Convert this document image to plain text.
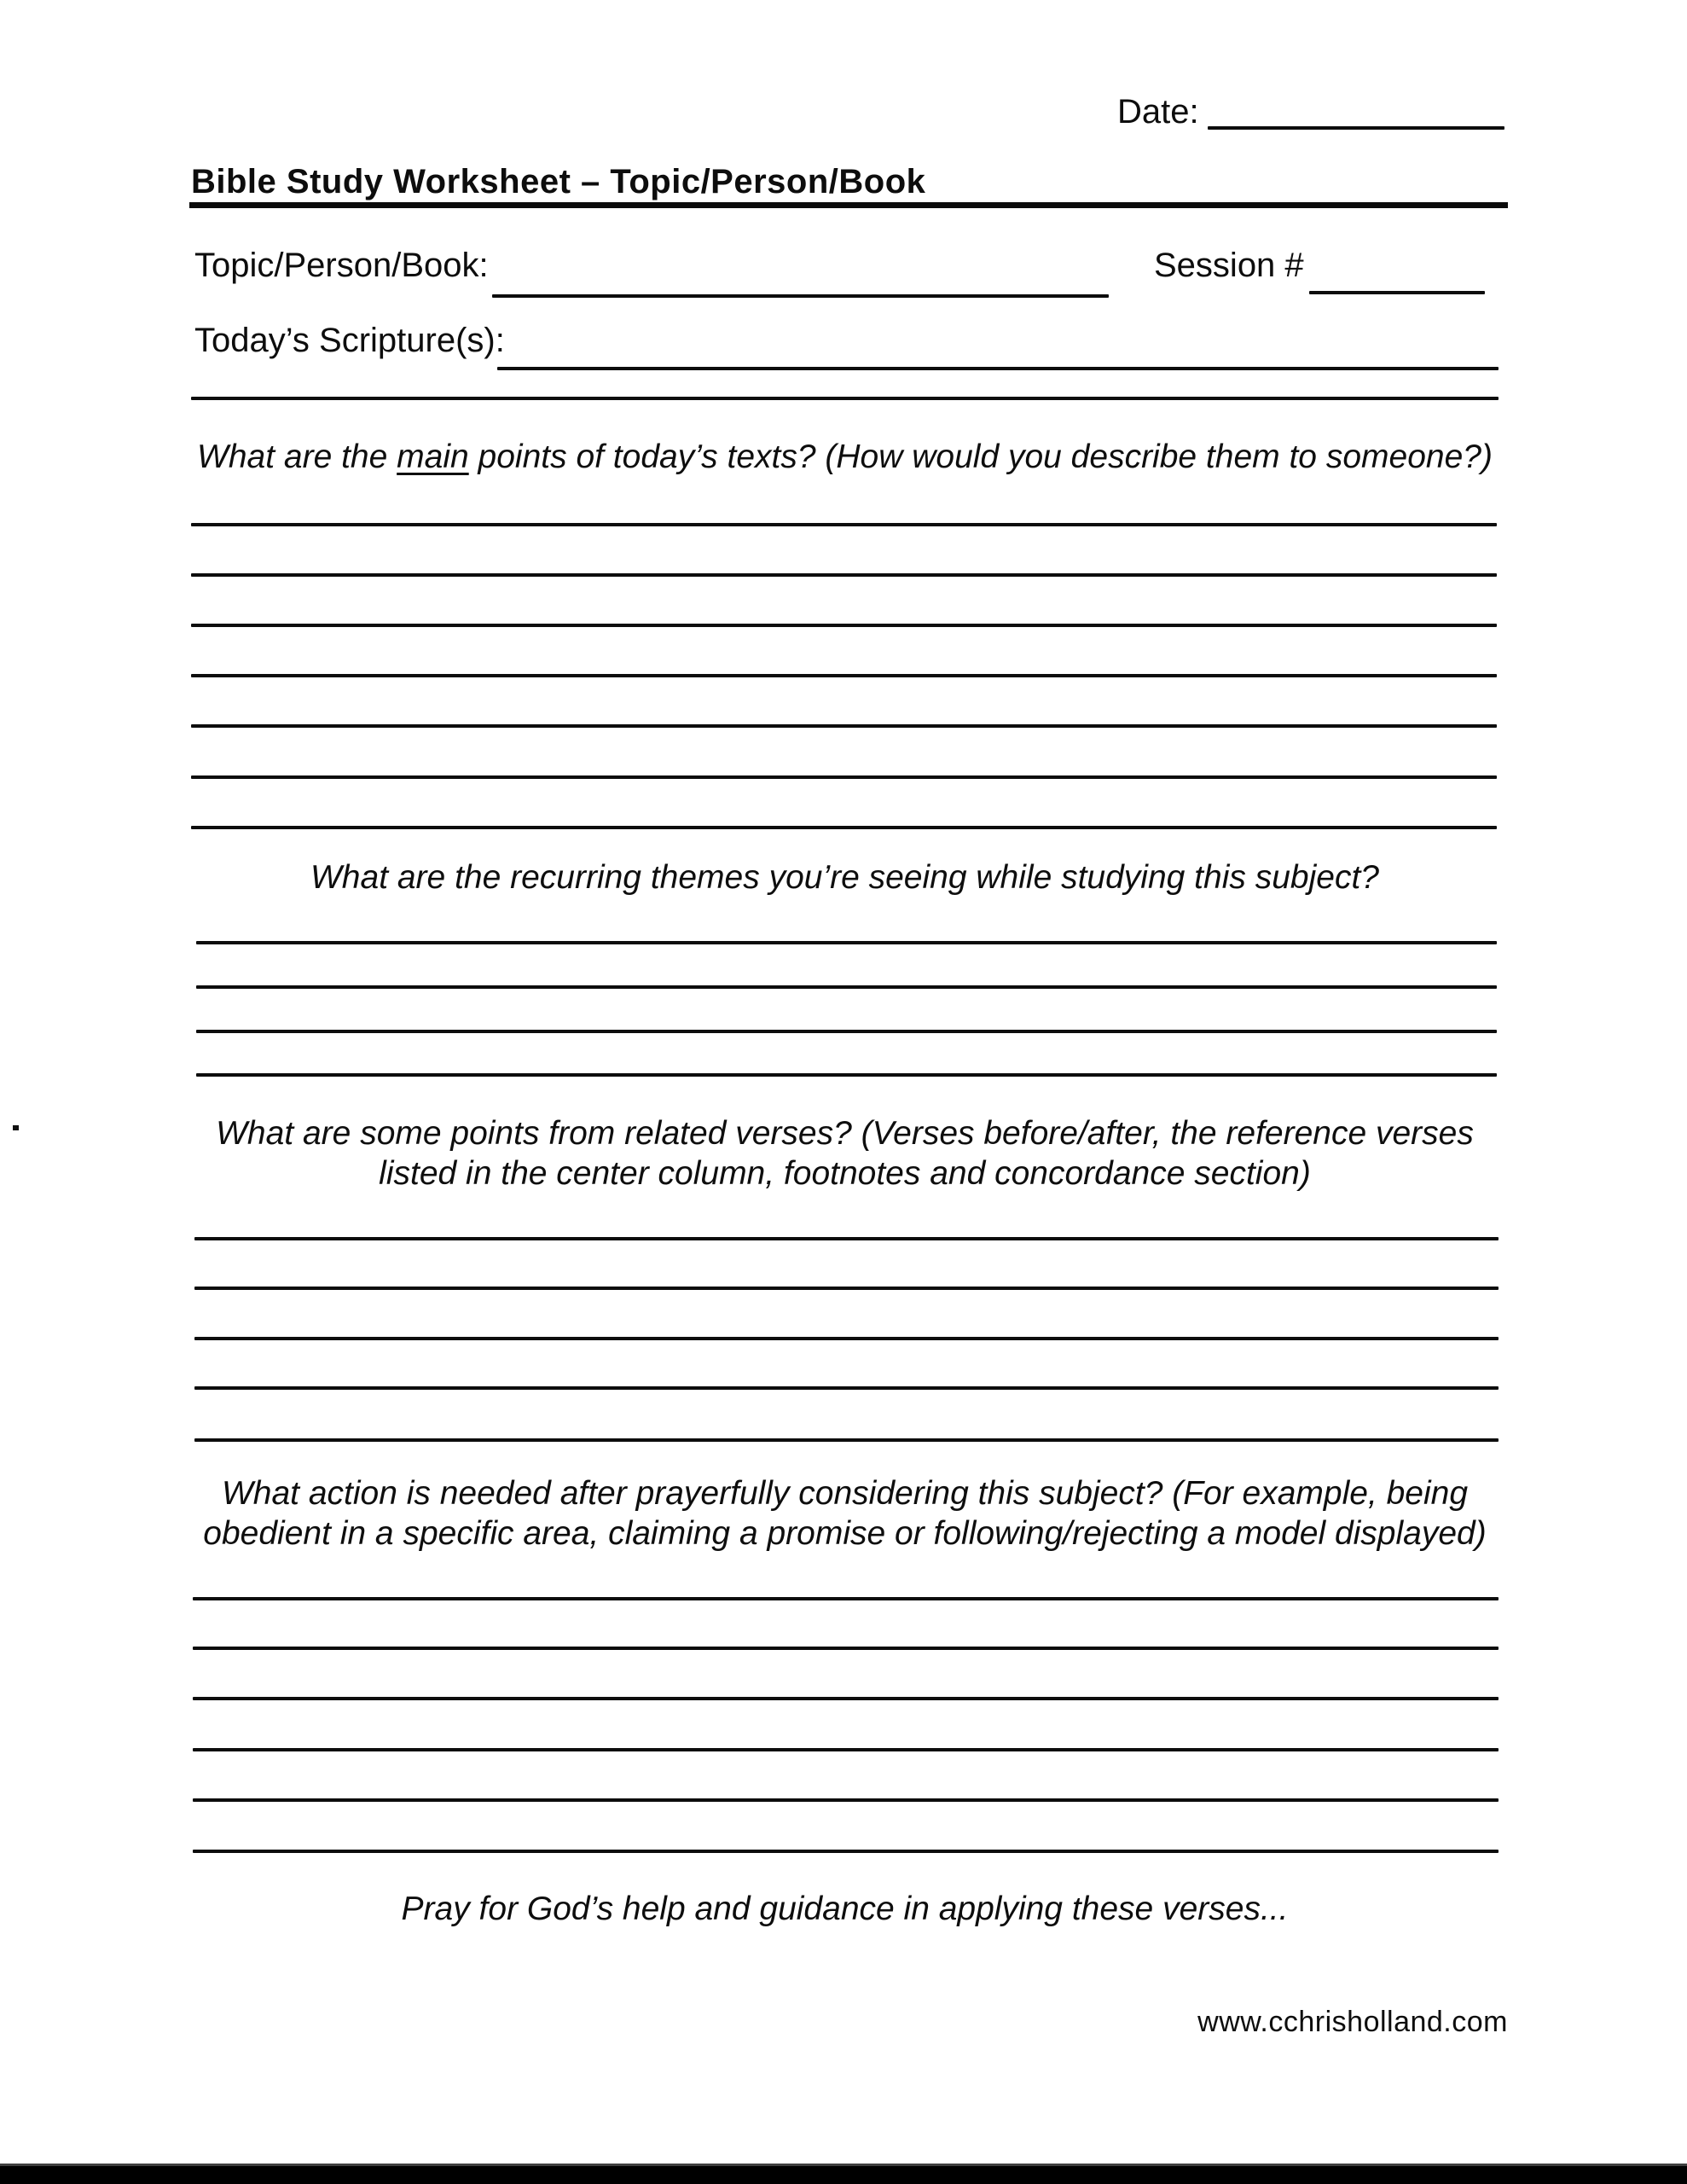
Date:
Bible Study Worksheet – Topic/Person/Book
Topic/Person/Book:	Session #
Today’s Scripture(s):
What are the main points of today’s texts? (How would you describe them to someone?)
What are the recurring themes you’re seeing while studying this subject?
What are some points from related verses? (Verses before/after, the reference verses
listed in the center column, footnotes and concordance section)
What action is needed after prayerfully considering this subject? (For example, being
obedient in a specific area, claiming a promise or following/rejecting a model displayed)
Pray for God’s help and guidance in applying these verses...
www.cchrisholland.com
